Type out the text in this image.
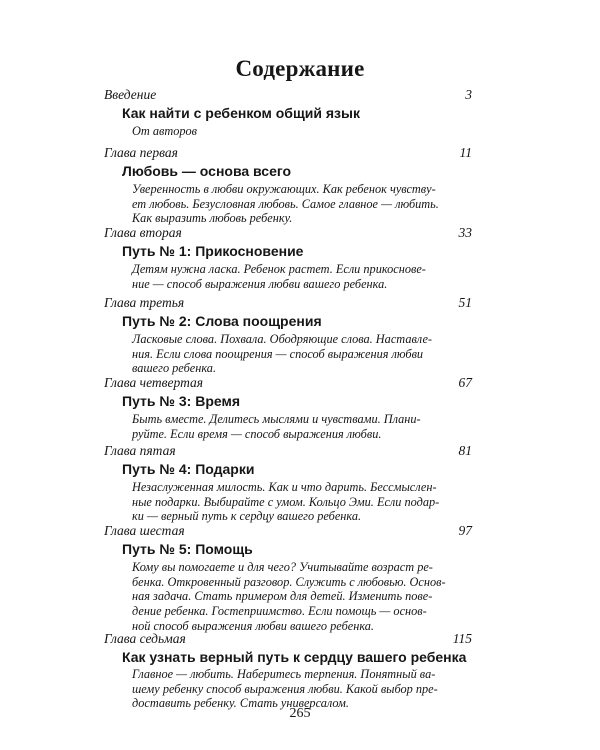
Содержание
Введение	3
Как найти с ребенком общий язык
От авторов
Глава первая	11
Любовь — основа всего
Уверенность в любви окружающих. Как ребенок чувству-
ет любовь. Безусловная любовь. Самое главное — любить.
Как выразить любовь ребенку.
Глава вторая	33
Путь № 1: Прикосновение
Детям нужна ласка. Ребенок растет. Если прикоснове-
ние — способ выражения любви вашего ребенка.
Глава третья	51
Путь № 2: Слова поощрения
Ласковые слова. Похвала. Ободряющие слова. Наставле-
ния. Если слова поощрения — способ выражения любви
вашего ребенка.
Глава четвертая	67
Путь № 3: Время
Быть вместе. Делитесь мыслями и чувствами. Плани-
руйте. Если время — способ выражения любви.
Глава пятая	81
Путь № 4: Подарки
Незаслуженная милость. Как и что дарить. Бессмыслен-
ные подарки. Выбирайте с умом. Кольцо Эми. Если подар-
ки — верный путь к сердцу вашего ребенка.
Глава шестая	97
Путь № 5: Помощь
Кому вы помогаете и для чего? Учитывайте возраст ре-
бенка. Откровенный разговор. Служить с любовью. Основ-
ная задача. Стать примером для детей. Изменить пове-
дение ребенка. Гостеприимство. Если помощь — основ-
ной способ выражения любви вашего ребенка.
Глава седьмая	115
Как узнать верный путь к сердцу вашего ребенка
Главное — любить. Наберитесь терпения. Понятный ва-
шему ребенку способ выражения любви. Какой выбор пре-
доставить ребенку. Стать универсалом.
265
